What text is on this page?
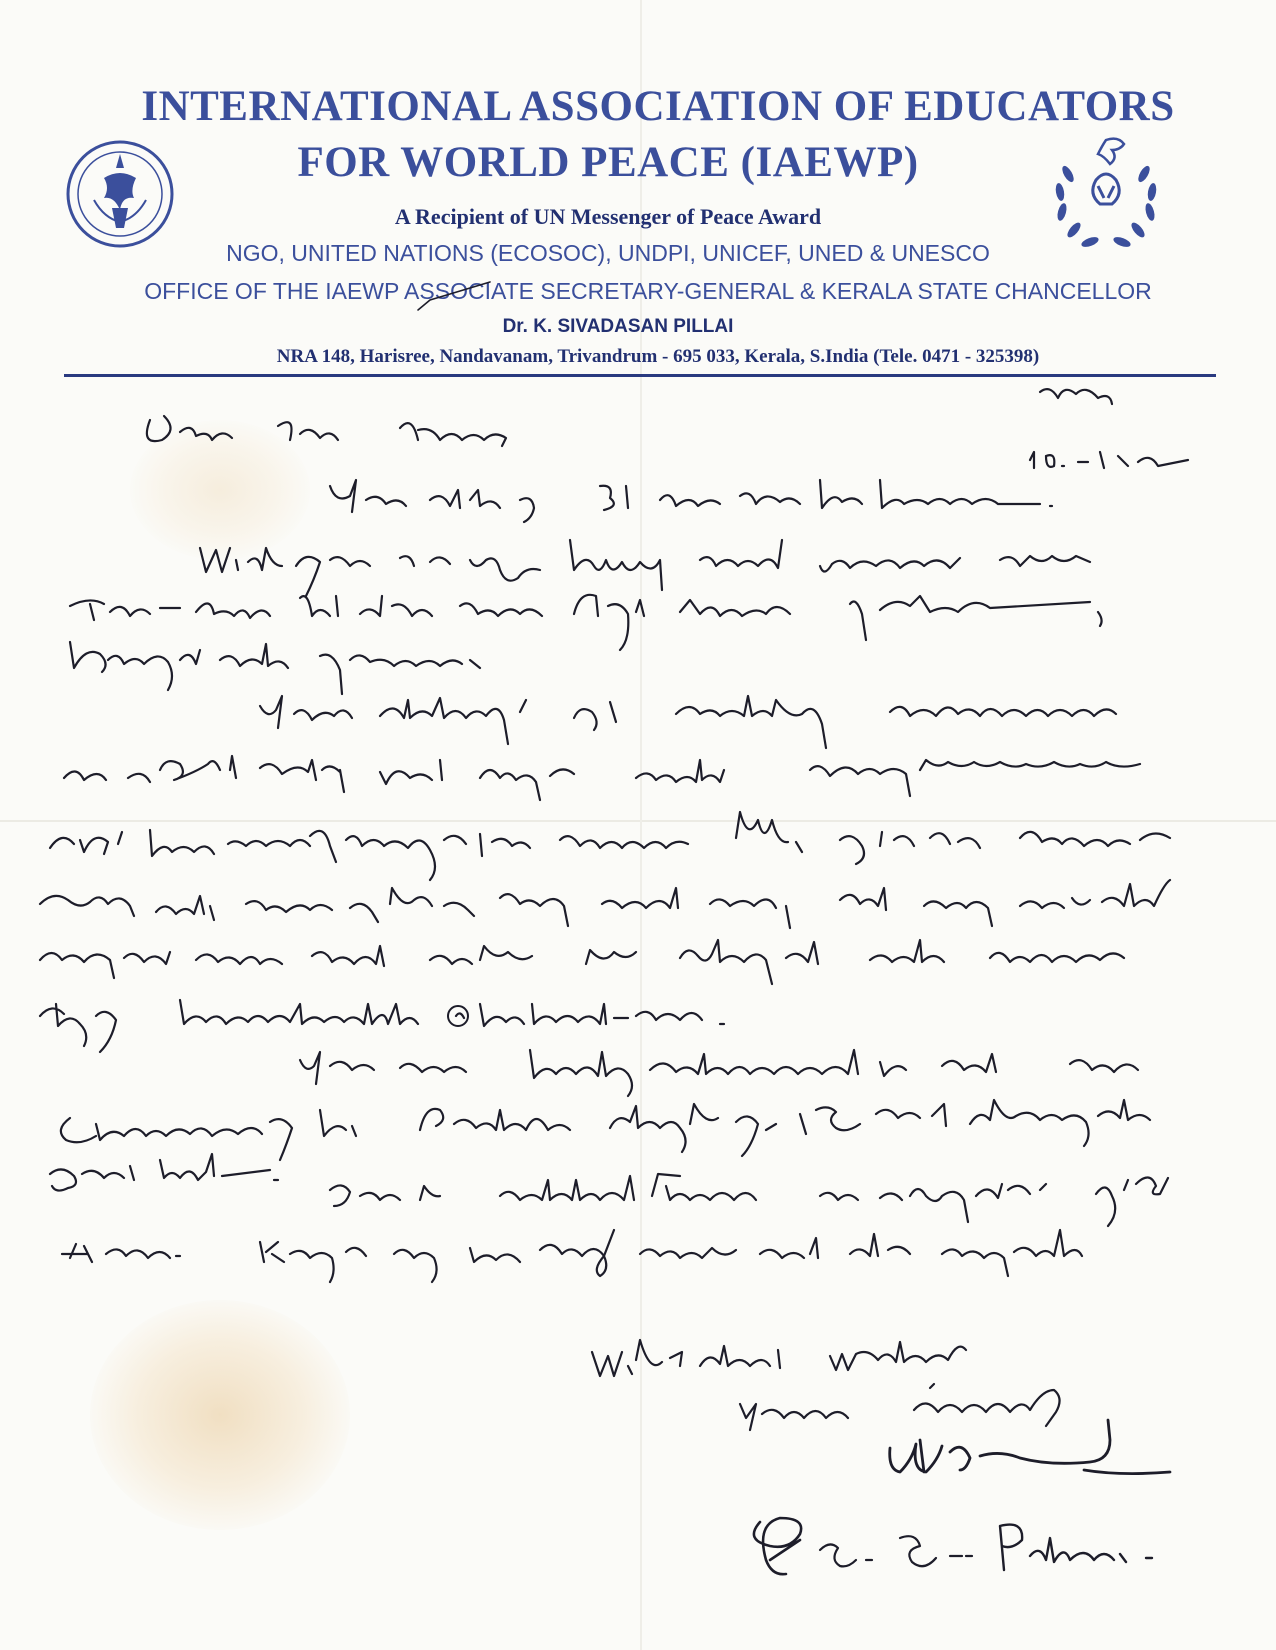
INTERNATIONAL ASSOCIATION OF EDUCATORS
FOR WORLD PEACE (IAEWP)
A Recipient of UN Messenger of Peace Award
NGO, UNITED NATIONS (ECOSOC), UNDPI, UNICEF, UNED & UNESCO
OFFICE OF THE IAEWP ASSOCIATE SECRETARY-GENERAL & KERALA STATE CHANCELLOR
Dr. K. SIVADASAN PILLAI
NRA 148, Harisree, Nandavanam, Trivandrum - 695 033, Kerala, S.India (Tele. 0471 - 325398)
